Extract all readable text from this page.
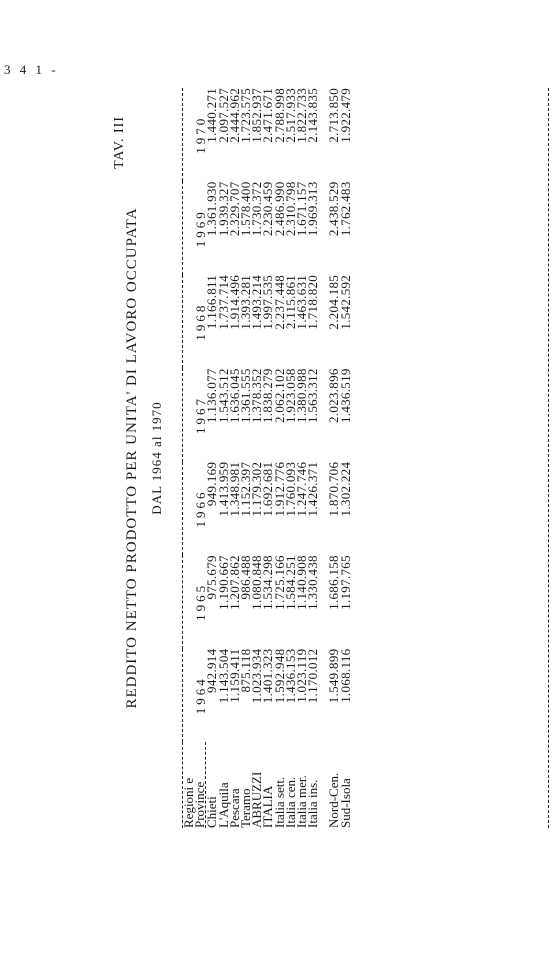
3 4 1 -
TAV. III
REDDITO NETTO PRODOTTO PER UNITA' DI LAVORO OCCUPATA DAL 1964 al 1970
Regioni e	1964	1965	1966	1967	1968	1969	1970
Province							
Chieti	942.914	975.679	949.169	1.136.077	1.166.811	1.361.930	1.440.271
L'Aquila	1.143.504	1.190.667	1.413.959	1.543.512	1.737.714	1.939.327	2.097.527
Pescara	1.159.411	1.207.862	1.348.981	1.636.045	1.914.496	2.329.707	2.444.962
Teramo	875.118	986.488	1.152.397	1.361.555	1.393.281	1.578.400	1.723.575
ABRUZZI	1.023.934	1.080.848	1.179.302	1.378.352	1.493.214	1.730.372	1.852.937
ITALIA	1.401.323	1.534.298	1.692.681	1.838.279	1.997.535	2.230.459	2.471.671
Italia sett.	1.592.948	1.725.166	1.912.776	2.062.102	2.237.448	2.486.990	2.788.998
Italia cen.	1.436.153	1.584.251	1.760.093	1.923.058	2.115.861	2.310.798	2.517.933
Italia mer.	1.023.119	1.140.908	1.247.746	1.380.988	1.463.631	1.671.157	1.822.733
Italia ins.	1.170.012	1.330.438	1.426.371	1.563.312	1.718.820	1.969.313	2.143.835

Nord-Cen.	1.549.899	1.686.158	1.870.706	2.023.896	2.204.185	2.438.529	2.713.850
Sud-Isola	1.068.116	1.197.765	1.302.224	1.436.519	1.542.592	1.762.483	1.922.479
